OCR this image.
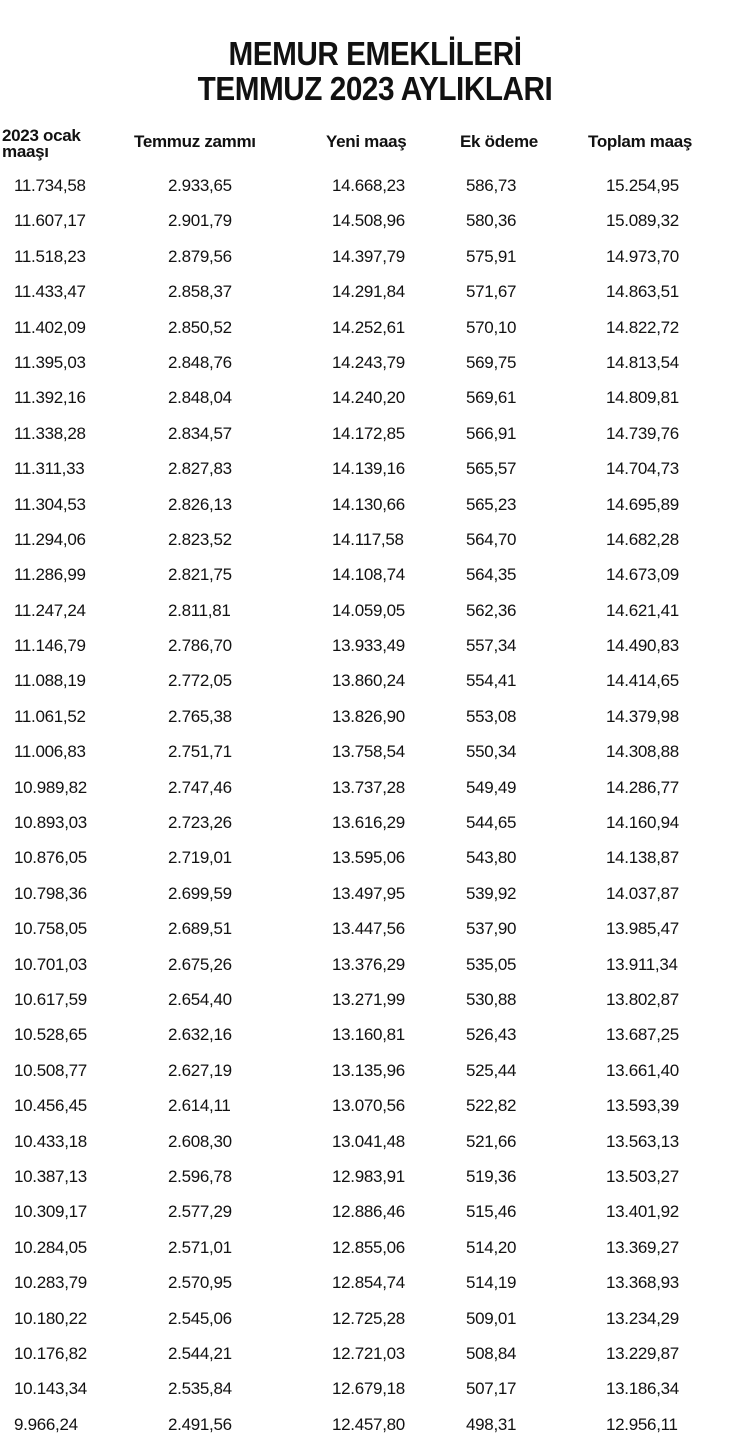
MEMUR EMEKLİLERİ
TEMMUZ 2023 AYLIKLARI
2023 ocak
maaşı
Temmuz zammı	Yeni maaş	Ek ödeme	Toplam maaş
11.734,58	2.933,65	14.668,23	586,73	15.254,95
11.607,17	2.901,79	14.508,96	580,36	15.089,32
11.518,23	2.879,56	14.397,79	575,91	14.973,70
11.433,47	2.858,37	14.291,84	571,67	14.863,51
11.402,09	2.850,52	14.252,61	570,10	14.822,72
11.395,03	2.848,76	14.243,79	569,75	14.813,54
11.392,16	2.848,04	14.240,20	569,61	14.809,81
11.338,28	2.834,57	14.172,85	566,91	14.739,76
11.311,33	2.827,83	14.139,16	565,57	14.704,73
11.304,53	2.826,13	14.130,66	565,23	14.695,89
11.294,06	2.823,52	14.117,58	564,70	14.682,28
11.286,99	2.821,75	14.108,74	564,35	14.673,09
11.247,24	2.811,81	14.059,05	562,36	14.621,41
11.146,79	2.786,70	13.933,49	557,34	14.490,83
11.088,19	2.772,05	13.860,24	554,41	14.414,65
11.061,52	2.765,38	13.826,90	553,08	14.379,98
11.006,83	2.751,71	13.758,54	550,34	14.308,88
10.989,82	2.747,46	13.737,28	549,49	14.286,77
10.893,03	2.723,26	13.616,29	544,65	14.160,94
10.876,05	2.719,01	13.595,06	543,80	14.138,87
10.798,36	2.699,59	13.497,95	539,92	14.037,87
10.758,05	2.689,51	13.447,56	537,90	13.985,47
10.701,03	2.675,26	13.376,29	535,05	13.911,34
10.617,59	2.654,40	13.271,99	530,88	13.802,87
10.528,65	2.632,16	13.160,81	526,43	13.687,25
10.508,77	2.627,19	13.135,96	525,44	13.661,40
10.456,45	2.614,11	13.070,56	522,82	13.593,39
10.433,18	2.608,30	13.041,48	521,66	13.563,13
10.387,13	2.596,78	12.983,91	519,36	13.503,27
10.309,17	2.577,29	12.886,46	515,46	13.401,92
10.284,05	2.571,01	12.855,06	514,20	13.369,27
10.283,79	2.570,95	12.854,74	514,19	13.368,93
10.180,22	2.545,06	12.725,28	509,01	13.234,29
10.176,82	2.544,21	12.721,03	508,84	13.229,87
10.143,34	2.535,84	12.679,18	507,17	13.186,34
9.966,24	2.491,56	12.457,80	498,31	12.956,11
